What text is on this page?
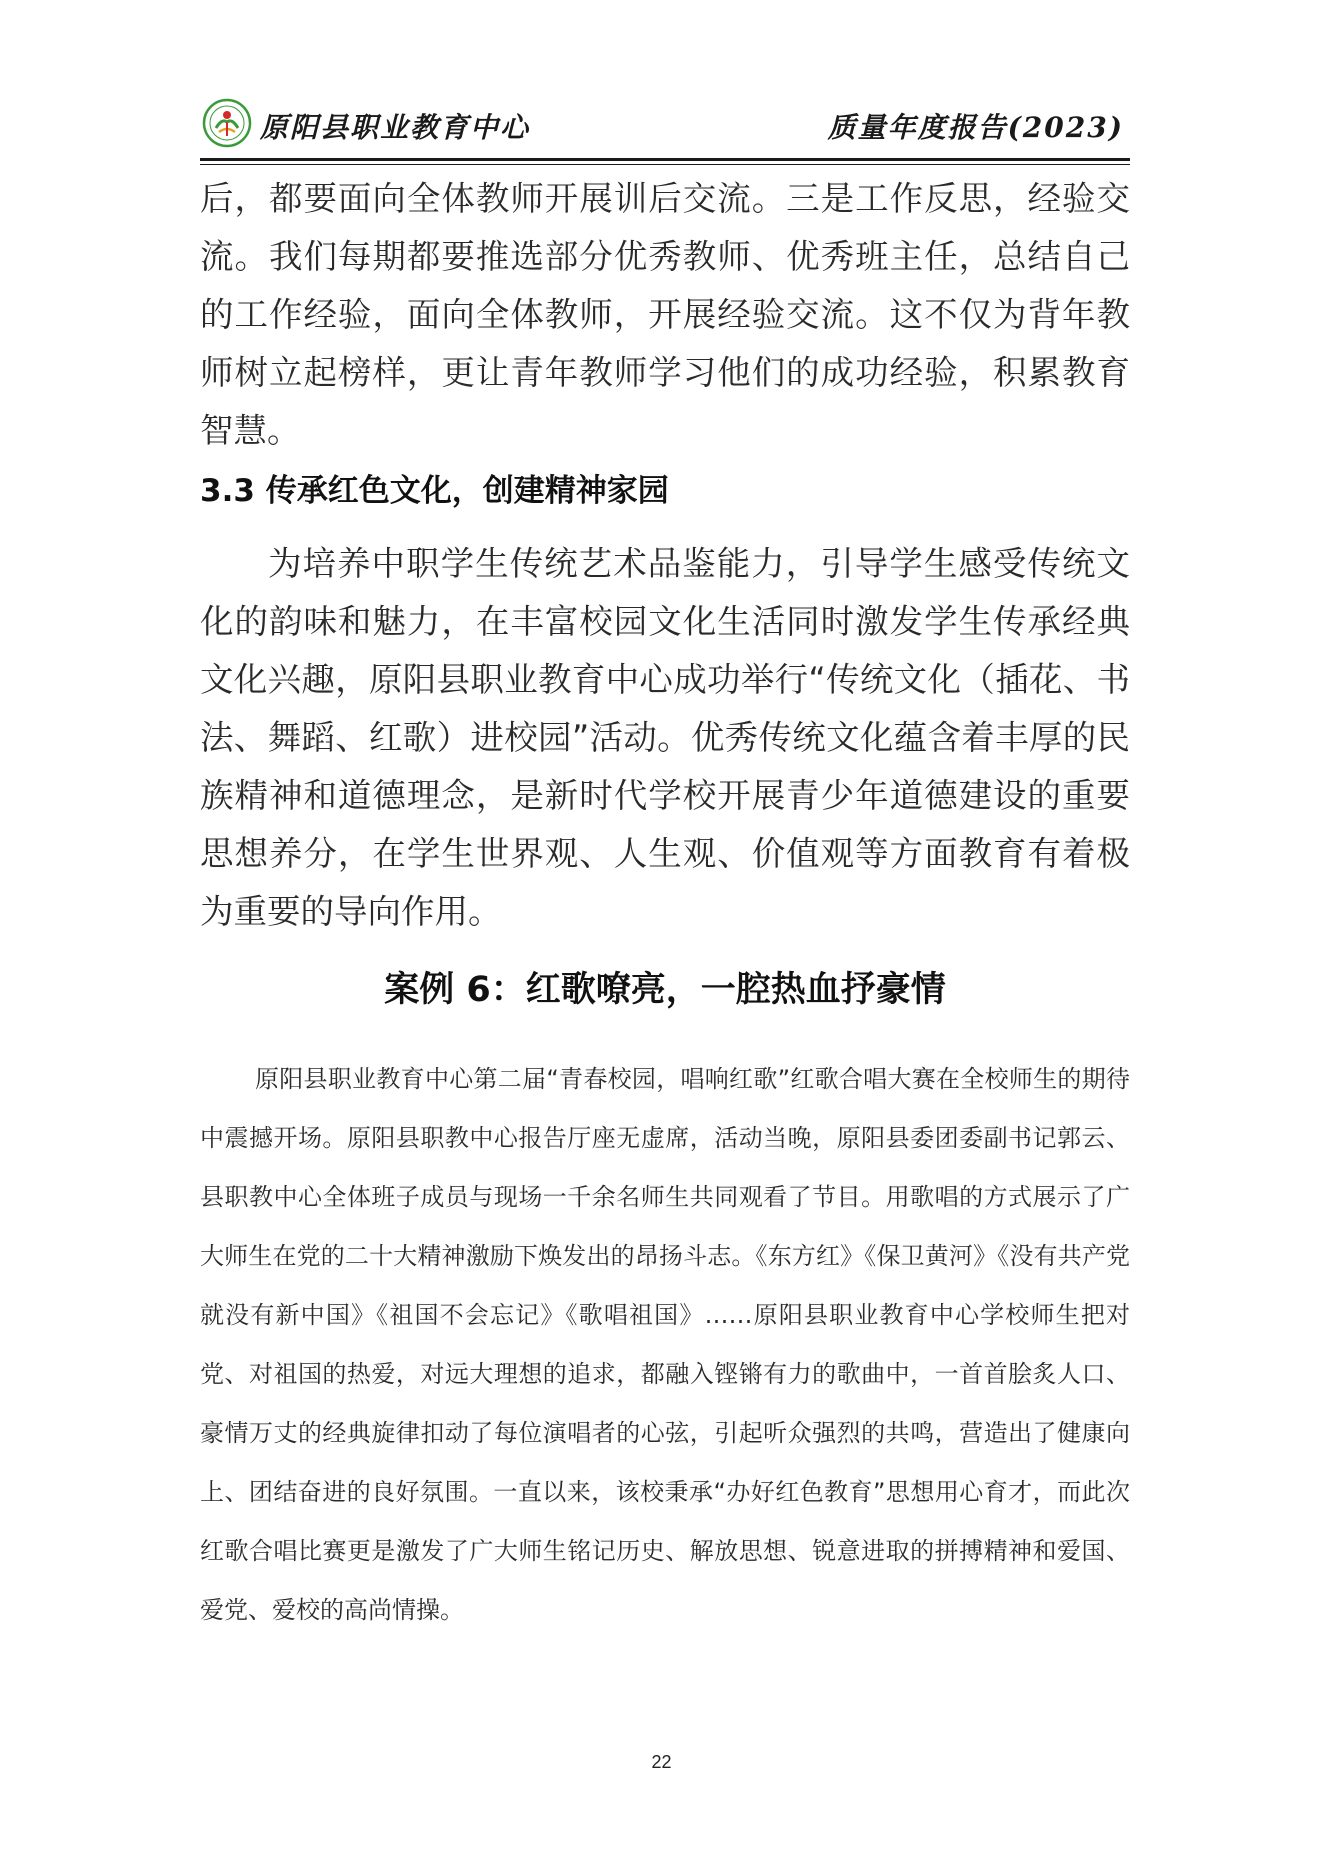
原阳县职业教育中心	质量年度报告(2023)

后，都要面向全体教师开展训后交流。三是工作反思，经验交流。我们每期都要推选部分优秀教师、优秀班主任，总结自己的工作经验，面向全体教师，开展经验交流。这不仅为背年教师树立起榜样，更让青年教师学习他们的成功经验，积累教育智慧。

3.3 传承红色文化，创建精神家园

为培养中职学生传统艺术品鉴能力，引导学生感受传统文化的韵味和魅力，在丰富校园文化生活同时激发学生传承经典文化兴趣，原阳县职业教育中心成功举行“传统文化（插花、书法、舞蹈、红歌）进校园”活动。优秀传统文化蕴含着丰厚的民族精神和道德理念，是新时代学校开展青少年道德建设的重要思想养分，在学生世界观、人生观、价值观等方面教育有着极为重要的导向作用。

案例 6：红歌嘹亮，一腔热血抒豪情

原阳县职业教育中心第二届“青春校园，唱响红歌”红歌合唱大赛在全校师生的期待中震撼开场。原阳县职教中心报告厅座无虚席，活动当晚，原阳县委团委副书记郭云、县职教中心全体班子成员与现场一千余名师生共同观看了节目。用歌唱的方式展示了广大师生在党的二十大精神激励下焕发出的昂扬斗志。《东方红》《保卫黄河》《没有共产党就没有新中国》《祖国不会忘记》《歌唱祖国》……原阳县职业教育中心学校师生把对党、对祖国的热爱，对远大理想的追求，都融入铿锵有力的歌曲中，一首首脍炙人口、豪情万丈的经典旋律扣动了每位演唱者的心弦，引起听众强烈的共鸣，营造出了健康向上、团结奋进的良好氛围。一直以来，该校秉承“办好红色教育”思想用心育才，而此次红歌合唱比赛更是激发了广大师生铭记历史、解放思想、锐意进取的拼搏精神和爱国、爱党、爱校的高尚情操。

22
